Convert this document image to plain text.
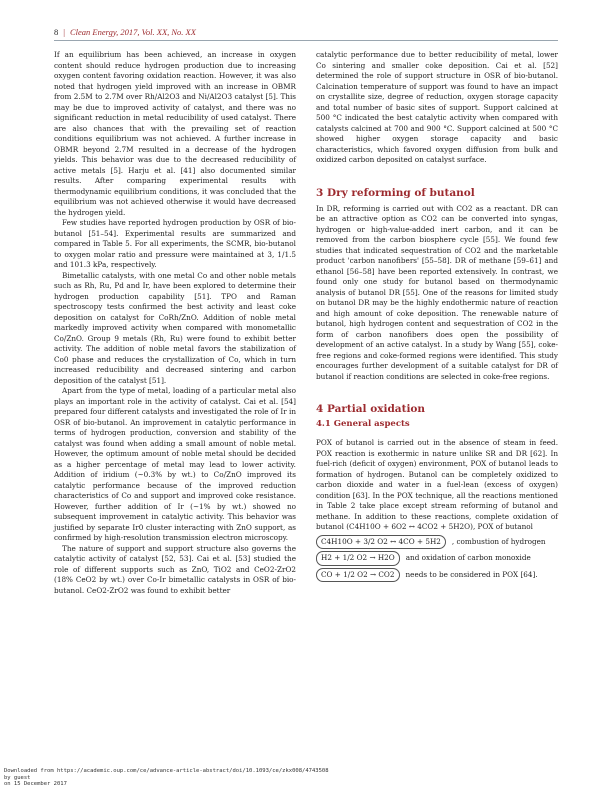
8 | Clean Energy, 2017, Vol. XX, No. XX

If an equilibrium has been achieved, an increase in oxygen content should reduce hydrogen production due to increasing oxygen content favoring oxidation reaction. However, it was also noted that hydrogen yield improved with an increase in OBMR from 2.5M to 2.7M over Rh/Al2O3 and Ni/Al2O3 catalyst [5]. This may be due to improved activity of catalyst, and there was no significant reduction in metal reducibility of used catalyst. There are also chances that with the prevailing set of reaction conditions equilibrium was not achieved. A further increase in OBMR beyond 2.7M resulted in a decrease of the hydrogen yields. This behavior was due to the decreased reducibility of active metals [5]. Harju et al. [41] also documented similar results. After comparing experimental results with thermodynamic equilibrium conditions, it was concluded that the equilibrium was not achieved otherwise it would have decreased the hydrogen yield.

Few studies have reported hydrogen production by OSR of bio-butanol [51–54]. Experimental results are summarized and compared in Table 5. For all experiments, the SCMR, bio-butanol to oxygen molar ratio and pressure were maintained at 3, 1/1.5 and 101.3 kPa, respectively.

Bimetallic catalysts, with one metal Co and other noble metals such as Rh, Ru, Pd and Ir, have been explored to determine their hydrogen production capability [51]. TPO and Raman spectroscopy tests confirmed the best activity and least coke deposition on catalyst for CoRh/ZnO. Addition of noble metal markedly improved activity when compared with monometallic Co/ZnO. Group 9 metals (Rh, Ru) were found to exhibit better activity. The addition of noble metal favors the stabilization of Co0 phase and reduces the crystallization of Co, which in turn increased reducibility and decreased sintering and carbon deposition of the catalyst [51].

Apart from the type of metal, loading of a particular metal also plays an important role in the activity of catalyst. Cai et al. [54] prepared four different catalysts and investigated the role of Ir in OSR of bio-butanol. An improvement in catalytic performance in terms of hydrogen production, conversion and stability of the catalyst was found when adding a small amount of noble metal. However, the optimum amount of noble metal should be decided as a higher percentage of metal may lead to lower activity. Addition of iridium (~0.3% by wt.) to Co/ZnO improved its catalytic performance because of the improved reduction characteristics of Co and support and improved coke resistance. However, further addition of Ir (~1% by wt.) showed no subsequent improvement in catalytic activity. This behavior was justified by separate Ir0 cluster interacting with ZnO support, as confirmed by high-resolution transmission electron microscopy.

The nature of support and support structure also governs the catalytic activity of catalyst [52, 53]. Cai et al. [53] studied the role of different supports such as ZnO, TiO2 and CeO2-ZrO2 (18% CeO2 by wt.) over Co-Ir bimetallic catalysts in OSR of bio-butanol. CeO2-ZrO2 was found to exhibit better

catalytic performance due to better reducibility of metal, lower Co sintering and smaller coke deposition. Cai et al. [52] determined the role of support structure in OSR of bio-butanol. Calcination temperature of support was found to have an impact on crystallite size, degree of reduction, oxygen storage capacity and total number of basic sites of support. Support calcined at 500 °C indicated the best catalytic activity when compared with catalysts calcined at 700 and 900 °C. Support calcined at 500 °C showed higher oxygen storage capacity and basic characteristics, which favored oxygen diffusion from bulk and oxidized carbon deposited on catalyst surface.

3 Dry reforming of butanol

In DR, reforming is carried out with CO2 as a reactant. DR can be an attractive option as CO2 can be converted into syngas, hydrogen or high-value-added inert carbon, and it can be removed from the carbon biosphere cycle [55]. We found few studies that indicated sequestration of CO2 and the marketable product 'carbon nanofibers' [55–58]. DR of methane [59–61] and ethanol [56–58] have been reported extensively. In contrast, we found only one study for butanol based on thermodynamic analysis of butanol DR [55]. One of the reasons for limited study on butanol DR may be the highly endothermic nature of reaction and high amount of coke deposition. The renewable nature of butanol, high hydrogen content and sequestration of CO2 in the form of carbon nanofibers does open the possibility of development of an active catalyst. In a study by Wang [55], coke-free regions and coke-formed regions were identified. This study encourages further development of a suitable catalyst for DR of butanol if reaction conditions are selected in coke-free regions.

4 Partial oxidation
4.1 General aspects

POX of butanol is carried out in the absence of steam in feed. POX reaction is exothermic in nature unlike SR and DR [62]. In fuel-rich (deficit of oxygen) environment, POX of butanol leads to formation of hydrogen. Butanol can be completely oxidized to carbon dioxide and water in a fuel-lean (excess of oxygen) condition [63]. In the POX technique, all the reactions mentioned in Table 2 take place except stream reforming of butanol and methane. In addition to these reactions, complete oxidation of butanol (C4H10O + 6O2 ↔ 4CO2 + 5H2O), POX of butanol

C4H10O + 3/2 O2 ↔ 4CO + 5H2	, combustion of hydrogen
H2 + 1/2 O2 → H2O	and oxidation of carbon monoxide
CO + 1/2 O2 → CO2	needs to be considered in POX [64].
Downloaded from https://academic.oup.com/ce/advance-article-abstract/doi/10.1093/ce/zkx008/4743508
by guest
on 15 December 2017
